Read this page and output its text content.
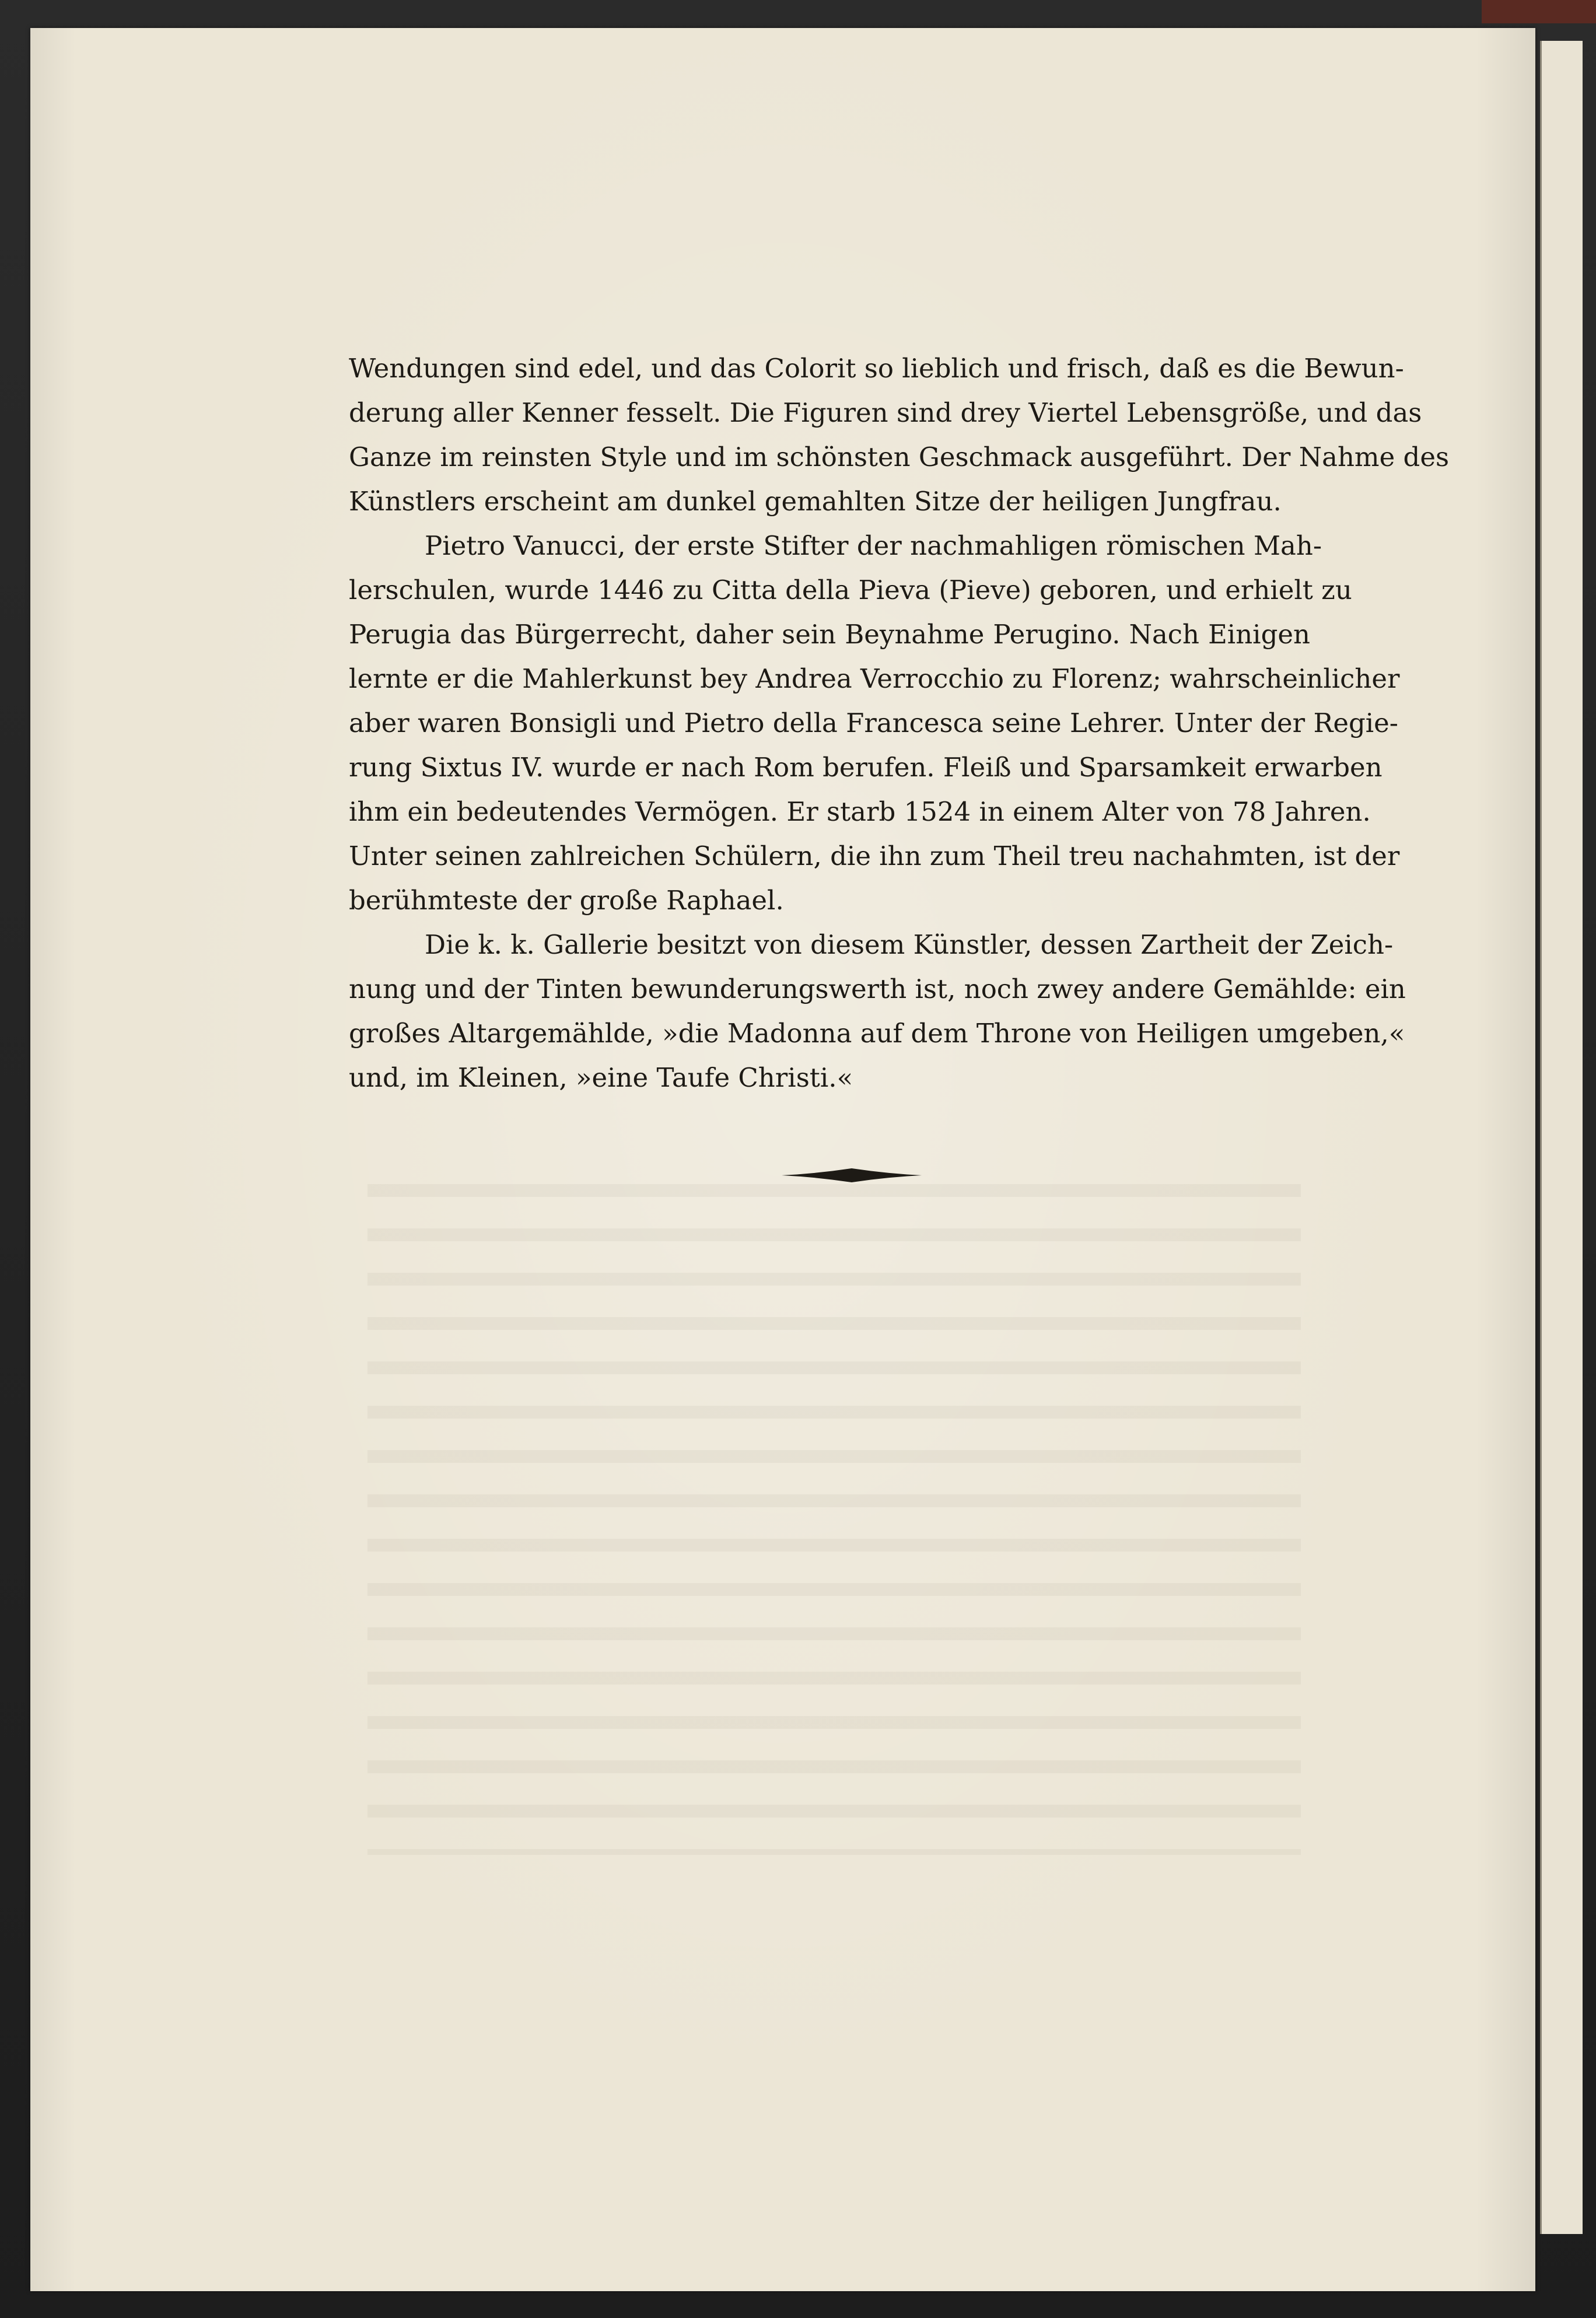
Wendungen sind edel, und das Colorit so lieblich und frisch, daß es die Bewun-
derung aller Kenner fesselt. Die Figuren sind drey Viertel Lebensgröße, und das
Ganze im reinsten Style und im schönsten Geschmack ausgeführt. Der Nahme des
Künstlers erscheint am dunkel gemahlten Sitze der heiligen Jungfrau.
Pietro Vanucci, der erste Stifter der nachmahligen römischen Mah-
lerschulen, wurde 1446 zu Citta della Pieva (Pieve) geboren, und erhielt zu
Perugia das Bürgerrecht, daher sein Beynahme Perugino. Nach Einigen
lernte er die Mahlerkunst bey Andrea Verrocchio zu Florenz; wahrscheinlicher
aber waren Bonsigli und Pietro della Francesca seine Lehrer. Unter der Regie-
rung Sixtus IV. wurde er nach Rom berufen. Fleiß und Sparsamkeit erwarben
ihm ein bedeutendes Vermögen. Er starb 1524 in einem Alter von 78 Jahren.
Unter seinen zahlreichen Schülern, die ihn zum Theil treu nachahmten, ist der
berühmteste der große Raphael.
Die k. k. Gallerie besitzt von diesem Künstler, dessen Zartheit der Zeich-
nung und der Tinten bewunderungswerth ist, noch zwey andere Gemählde: ein
großes Altargemählde, »die Madonna auf dem Throne von Heiligen umgeben,«
und, im Kleinen, »eine Taufe Christi.«
